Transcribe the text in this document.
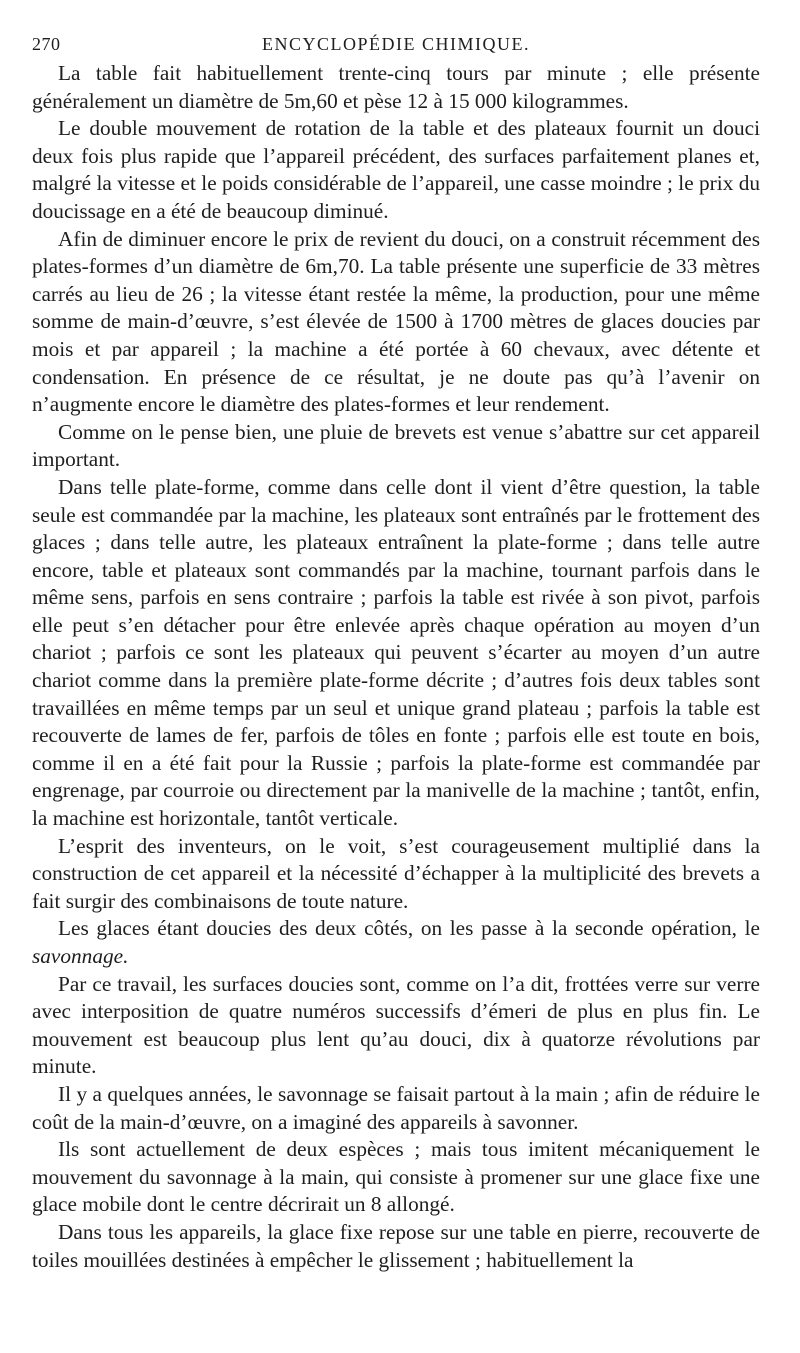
270	ENCYCLOPÉDIE CHIMIQUE.

La table fait habituellement trente-cinq tours par minute ; elle présente généralement un diamètre de 5m,60 et pèse 12 à 15 000 kilogrammes.

Le double mouvement de rotation de la table et des plateaux fournit un douci deux fois plus rapide que l’appareil précédent, des surfaces parfaitement planes et, malgré la vitesse et le poids considérable de l’appareil, une casse moindre ; le prix du doucissage en a été de beaucoup diminué.

Afin de diminuer encore le prix de revient du douci, on a construit récemment des plates-formes d’un diamètre de 6m,70. La table présente une superficie de 33 mètres carrés au lieu de 26 ; la vitesse étant restée la même, la production, pour une même somme de main-d’œuvre, s’est élevée de 1500 à 1700 mètres de glaces doucies par mois et par appareil ; la machine a été portée à 60 chevaux, avec détente et condensation. En présence de ce résultat, je ne doute pas qu’à l’avenir on n’augmente encore le diamètre des plates-formes et leur rendement.

Comme on le pense bien, une pluie de brevets est venue s’abattre sur cet appareil important.

Dans telle plate-forme, comme dans celle dont il vient d’être question, la table seule est commandée par la machine, les plateaux sont entraînés par le frottement des glaces ; dans telle autre, les plateaux entraînent la plate-forme ; dans telle autre encore, table et plateaux sont commandés par la machine, tournant parfois dans le même sens, parfois en sens contraire ; parfois la table est rivée à son pivot, parfois elle peut s’en détacher pour être enlevée après chaque opération au moyen d’un chariot ; parfois ce sont les plateaux qui peuvent s’écarter au moyen d’un autre chariot comme dans la première plate-forme décrite ; d’autres fois deux tables sont travaillées en même temps par un seul et unique grand plateau ; parfois la table est recouverte de lames de fer, parfois de tôles en fonte ; parfois elle est toute en bois, comme il en a été fait pour la Russie ; parfois la plate-forme est commandée par engrenage, par courroie ou directement par la manivelle de la machine ; tantôt, enfin, la machine est horizontale, tantôt verticale.

L’esprit des inventeurs, on le voit, s’est courageusement multiplié dans la construction de cet appareil et la nécessité d’échapper à la multiplicité des brevets a fait surgir des combinaisons de toute nature.

Les glaces étant doucies des deux côtés, on les passe à la seconde opération, le savonnage.

Par ce travail, les surfaces doucies sont, comme on l’a dit, frottées verre sur verre avec interposition de quatre numéros successifs d’émeri de plus en plus fin. Le mouvement est beaucoup plus lent qu’au douci, dix à quatorze révolutions par minute.

Il y a quelques années, le savonnage se faisait partout à la main ; afin de réduire le coût de la main-d’œuvre, on a imaginé des appareils à savonner.

Ils sont actuellement de deux espèces ; mais tous imitent mécaniquement le mouvement du savonnage à la main, qui consiste à promener sur une glace fixe une glace mobile dont le centre décrirait un 8 allongé.

Dans tous les appareils, la glace fixe repose sur une table en pierre, recouverte de toiles mouillées destinées à empêcher le glissement ; habituellement la
